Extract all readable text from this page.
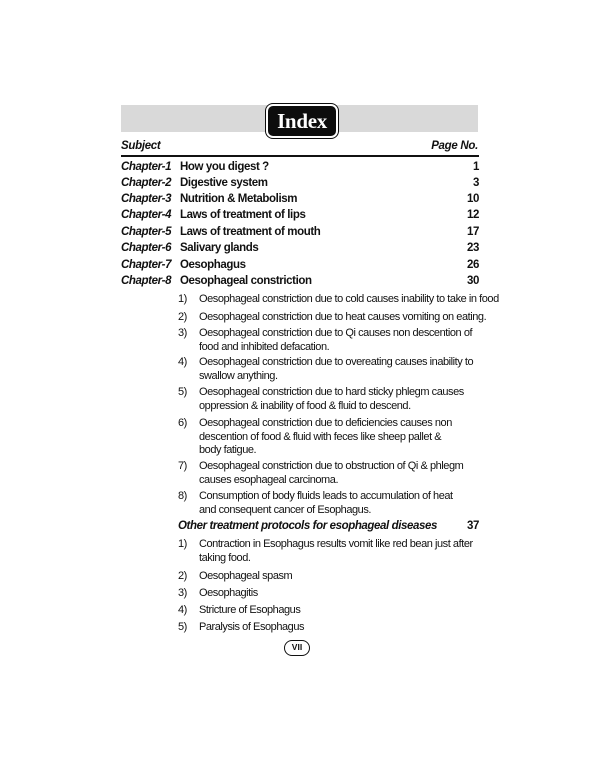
Index
Subject	Page No.
Chapter-1 How you digest ?	1
Chapter-2 Digestive system	3
Chapter-3 Nutrition & Metabolism	10
Chapter-4 Laws of treatment of lips	12
Chapter-5 Laws of treatment of mouth	17
Chapter-6 Salivary glands	23
Chapter-7 Oesophagus	26
Chapter-8 Oesophageal constriction	30
1) Oesophageal constriction due to cold causes inability to take in food
2) Oesophageal constriction due to heat causes vomiting on eating.
3) Oesophageal constriction due to Qi causes non descention of
food and inhibited defacation.
4) Oesophageal constriction due to overeating causes inability to
swallow anything.
5) Oesophageal constriction due to hard sticky phlegm causes
oppression & inability of food & fluid to descend.
6) Oesophageal constriction due to deficiencies causes non
descention of food & fluid with feces like sheep pallet &
body fatigue.
7) Oesophageal constriction due to obstruction of Qi & phlegm
causes esophageal carcinoma.
8) Consumption of body fluids leads to accumulation of heat
and consequent cancer of Esophagus.
Other treatment protocols for esophageal diseases	37
1) Contraction in Esophagus results vomit like red bean just after
taking food.
2) Oesophageal spasm
3) Oesophagitis
4) Stricture of Esophagus
5) Paralysis of Esophagus
VII
